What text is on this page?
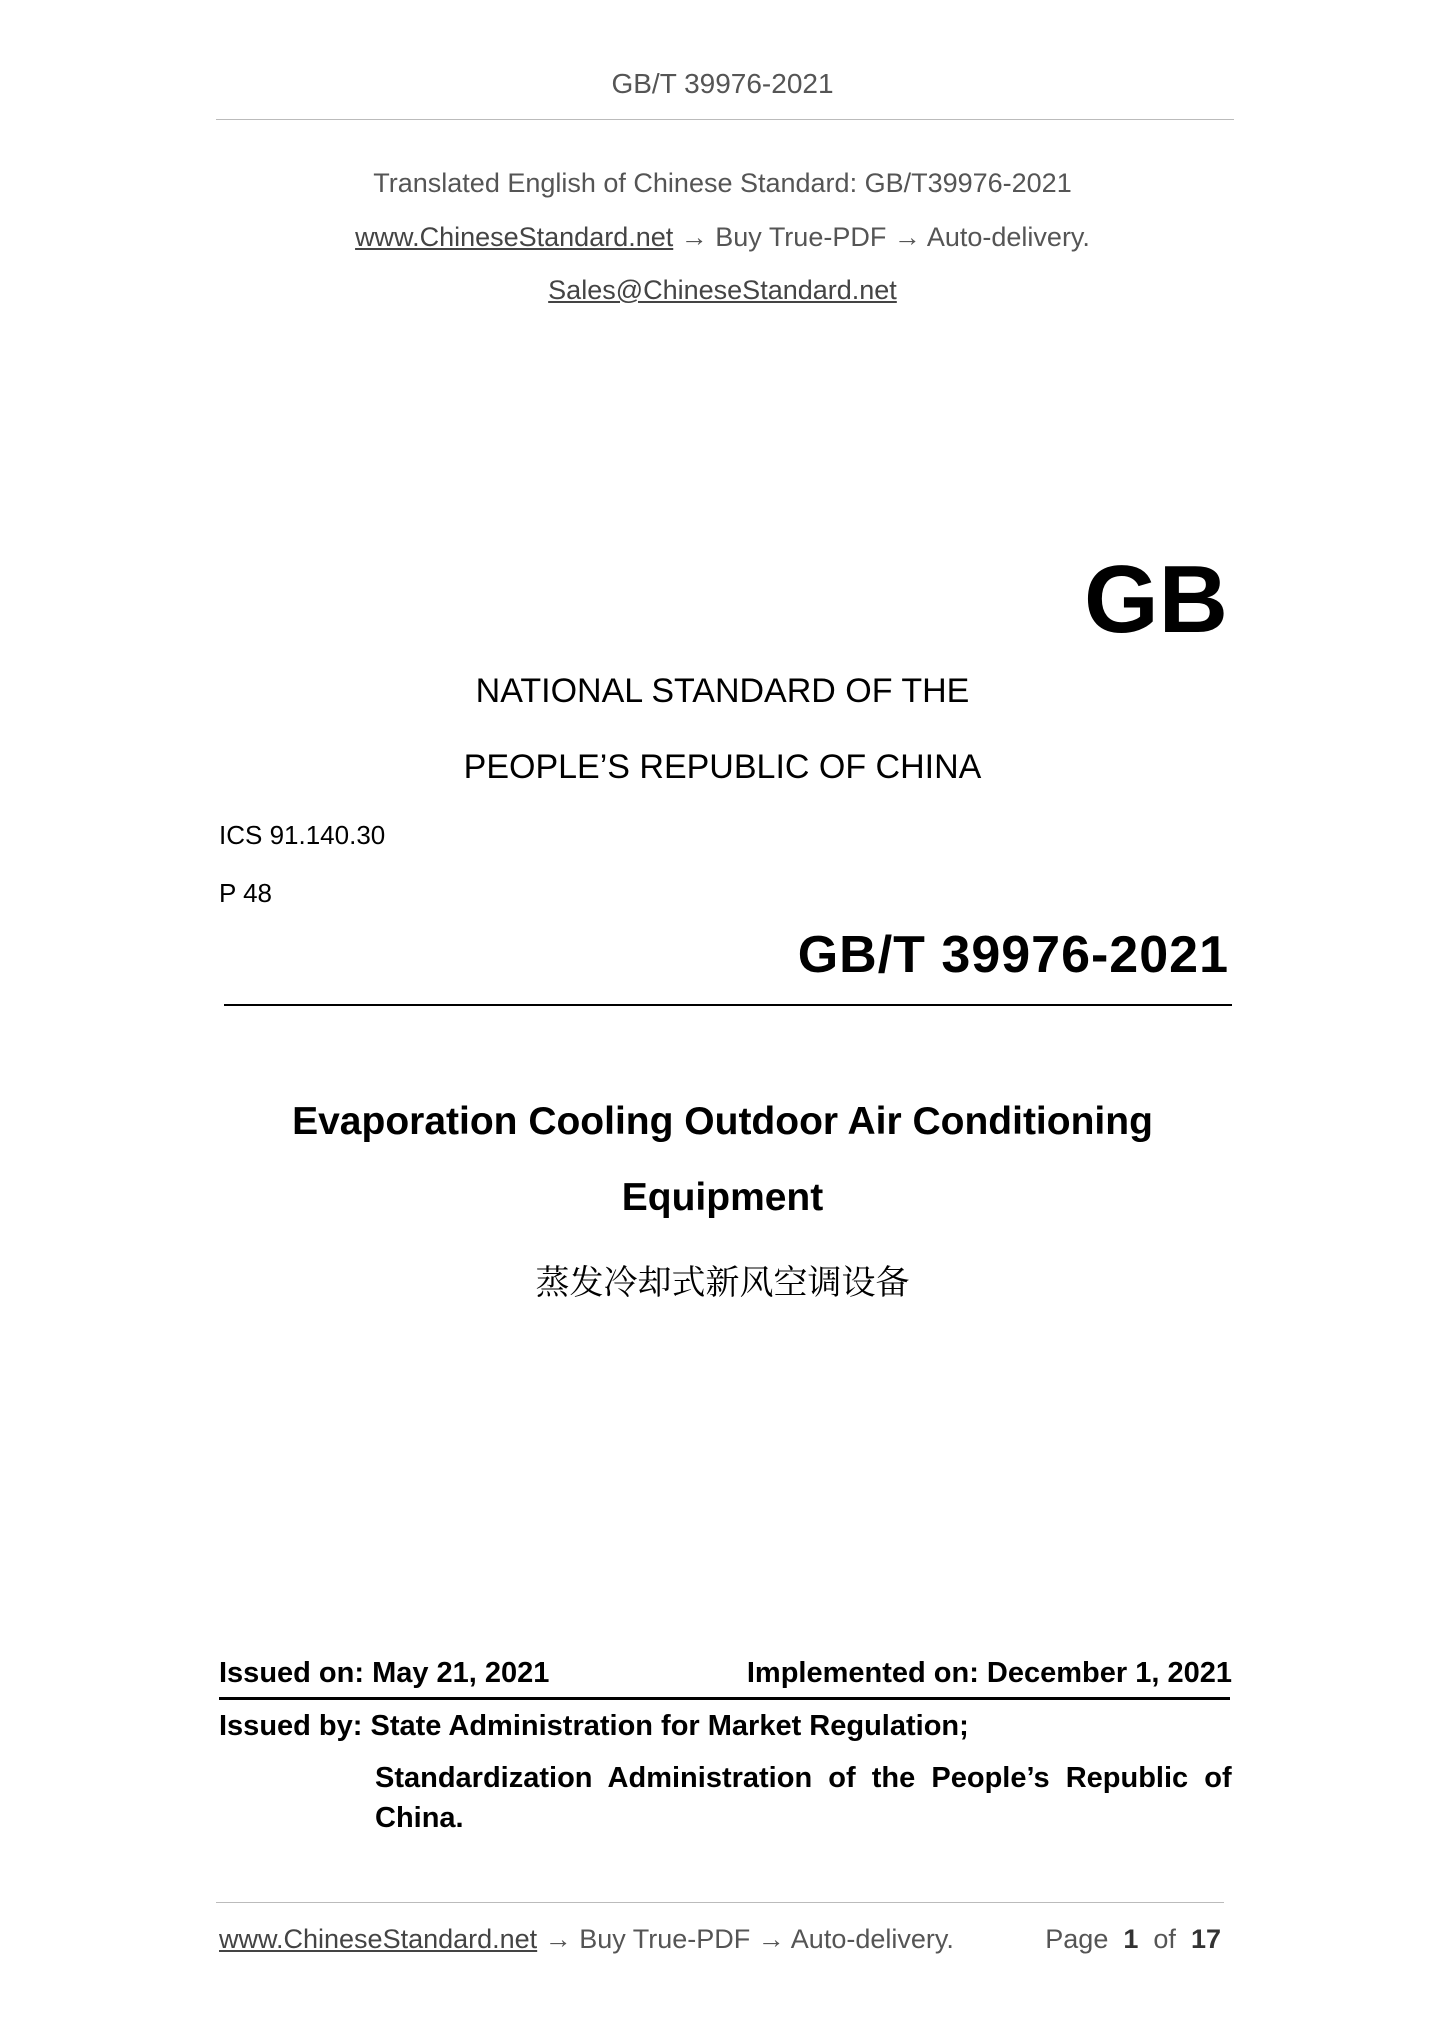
GB/T 39976-2021
Translated English of Chinese Standard: GB/T39976-2021
www.ChineseStandard.net → Buy True-PDF → Auto-delivery.
Sales@ChineseStandard.net
GB
NATIONAL STANDARD OF THE
PEOPLE’S REPUBLIC OF CHINA
ICS 91.140.30
P 48
GB/T 39976-2021
Evaporation Cooling Outdoor Air Conditioning
Equipment
蒸发冷却式新风空调设备
Issued on: May 21, 2021	Implemented on: December 1, 2021
Issued by: State Administration for Market Regulation;
Standardization  Administration  of  the  People’s  Republic  of
China.
www.ChineseStandard.net → Buy True-PDF → Auto-delivery.	Page 1 of 17
